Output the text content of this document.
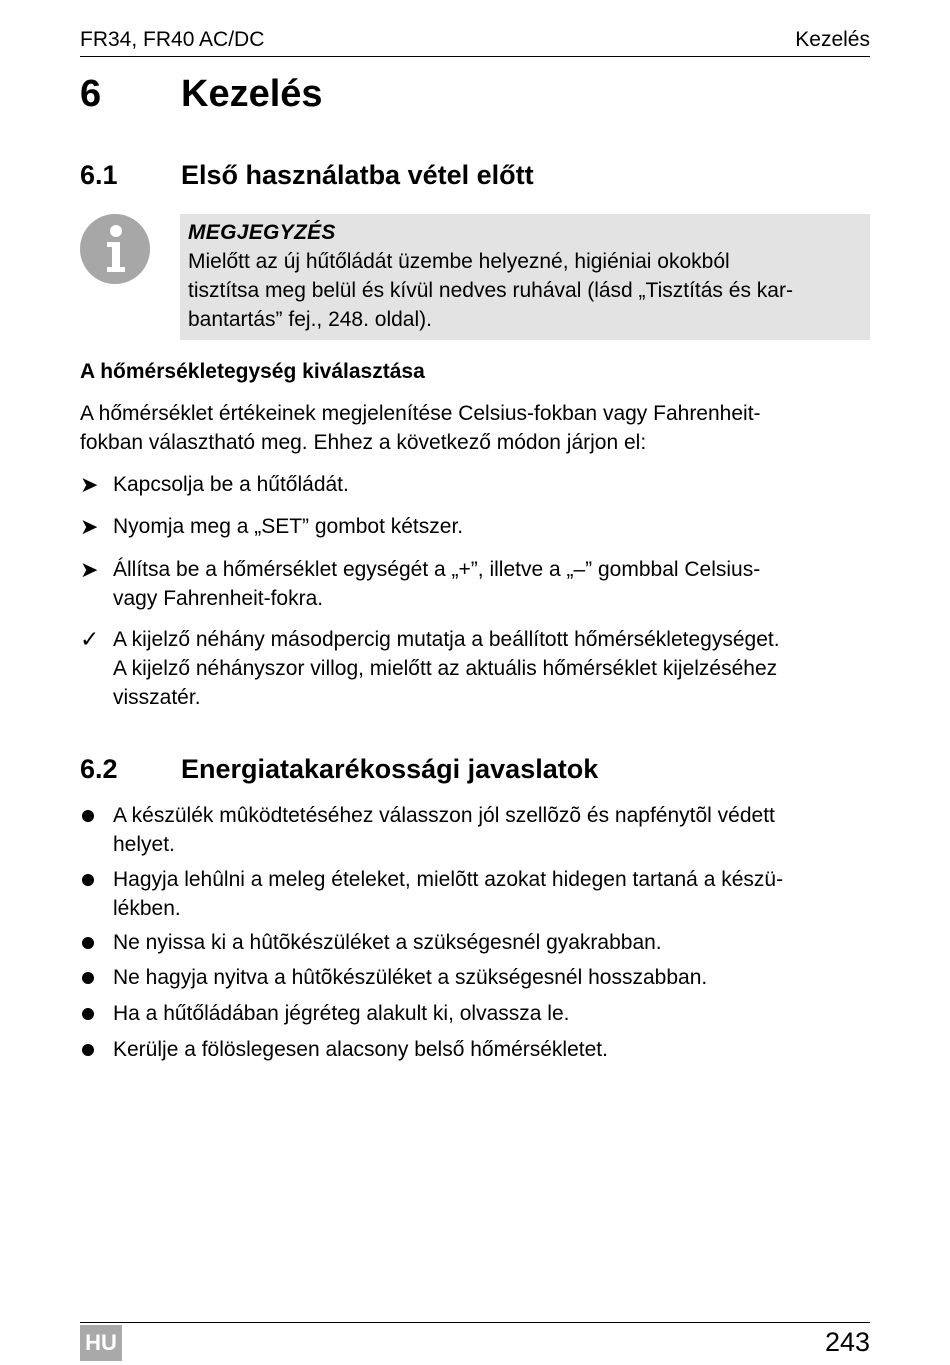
FR34, FR40 AC/DC	Kezelés
6 Kezelés
6.1 Első használatba vétel előtt
MEGJEGYZÉS
Mielőtt az új hűtőládát üzembe helyezné, higiéniai okokból
tisztítsa meg belül és kívül nedves ruhával (lásd „Tisztítás és kar-
bantartás” fej., 248. oldal).
A hőmérsékletegység kiválasztása
A hőmérséklet értékeinek megjelenítése Celsius-fokban vagy Fahrenheit-
fokban választható meg. Ehhez a következő módon járjon el:
➤ Kapcsolja be a hűtőládát.
➤ Nyomja meg a „SET” gombot kétszer.
➤ Állítsa be a hőmérséklet egységét a „+”, illetve a „–” gombbal Celsius-
vagy Fahrenheit-fokra.
✓ A kijelző néhány másodpercig mutatja a beállított hőmérsékletegységet.
A kijelző néhányszor villog, mielőtt az aktuális hőmérséklet kijelzéséhez
visszatér.
6.2 Energiatakarékossági javaslatok
A készülék mûködtetéséhez válasszon jól szellõzõ és napfénytõl védett
helyet.
Hagyja lehûlni a meleg ételeket, mielõtt azokat hidegen tartaná a készü-
lékben.
Ne nyissa ki a hûtõkészüléket a szükségesnél gyakrabban.
Ne hagyja nyitva a hûtõkészüléket a szükségesnél hosszabban.
Ha a hűtőládában jégréteg alakult ki, olvassza le.
Kerülje a fölöslegesen alacsony belső hőmérsékletet.
HU	243
